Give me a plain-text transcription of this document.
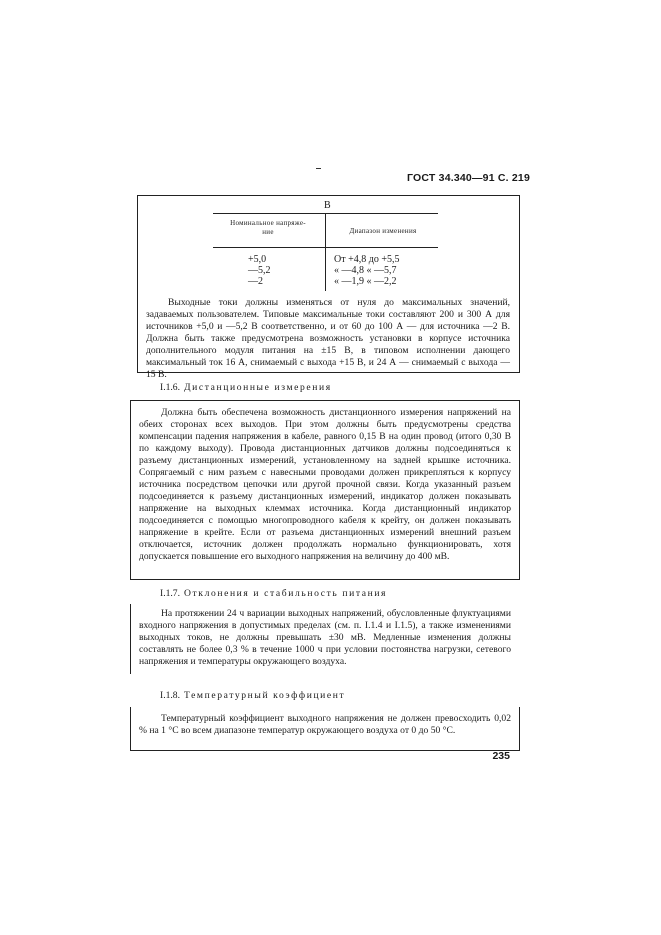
ГОСТ 34.340—91 С. 219
В
Номинальное напряже-
ние	Диапазон изменения
+5,0
—5,2
—2
От +4,8 до +5,5
« —4,8 « —5,7
« —1,9 « —2,2

Выходные токи должны изменяться от нуля до максимальных значений, задаваемых пользователем. Типовые максимальные токи составляют 200 и 300 А для источников +5,0 и —5,2 В соответственно, и от 60 до 100 А — для источника —2 В. Должна быть также предусмотрена возможность установки в корпусе источника дополнительного модуля питания на ±15 В, в типовом исполнении дающего максимальный ток 16 А, снимаемый с выхода +15 В, и 24 А — снимаемый с выхода —15 В.

I.1.6. Дистанционные измерения

Должна быть обеспечена возможность дистанционного измерения напряжений на обеих сторонах всех выходов. При этом должны быть предусмотрены средства компенсации падения напряжения в кабеле, равного 0,15 В на один провод (итого 0,30 В по каждому выходу). Провода дистанционных датчиков должны подсоединяться к разъему дистанционных измерений, установленному на задней крышке источника. Сопрягаемый с ним разъем с навесными проводами должен прикрепляться к корпусу источника посредством цепочки или другой прочной связи. Когда указанный разъем подсоединяется к разъему дистанционных измерений, индикатор должен показывать напряжение на выходных клеммах источника. Когда дистанционный индикатор подсоединяется с помощью многопроводного кабеля к крейту, он должен показывать напряжение в крейте. Если от разъема дистанционных измерений внешний разъем отключается, источник должен продолжать нормально функционировать, хотя допускается повышение его выходного напряжения на величину до 400 мВ.

I.1.7. Отклонения и стабильность питания

На протяжении 24 ч вариации выходных напряжений, обусловленные флуктуациями входного напряжения в допустимых пределах (см. п. I.1.4 и I.1.5), а также изменениями выходных токов, не должны превышать ±30 мВ. Медленные изменения должны составлять не более 0,3 % в течение 1000 ч при условии постоянства нагрузки, сетевого напряжения и температуры окружающего воздуха.

I.1.8. Температурный коэффициент

Температурный коэффициент выходного напряжения не должен превосходить 0,02 % на 1 °С во всем диапазоне температур окружающего воздуха от 0 до 50 °С.

235
